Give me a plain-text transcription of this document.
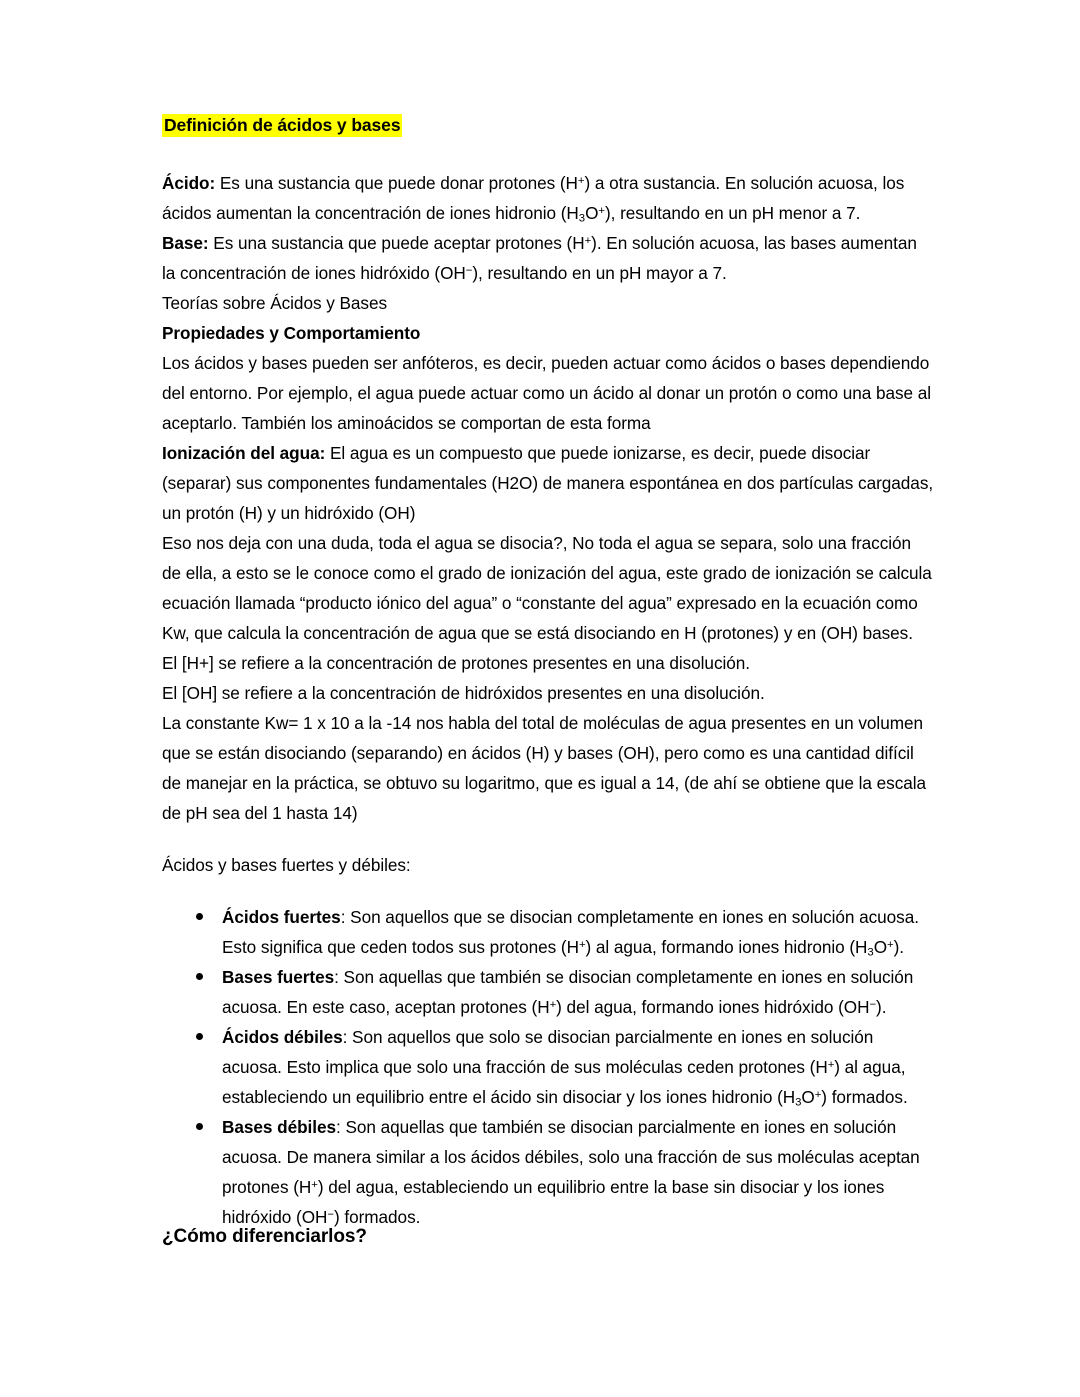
Definición de ácidos y bases

Ácido: Es una sustancia que puede donar protones (H+) a otra sustancia. En solución acuosa, los ácidos aumentan la concentración de iones hidronio $(H_3O^+)$, resultando en un pH menor a 7.

Base: Es una sustancia que puede aceptar protones (H+). En solución acuosa, las bases aumentan la concentración de iones hidróxido (OH−), resultando en un pH mayor a 7.

Teorías sobre Ácidos y Bases

Propiedades y Comportamiento

Los ácidos y bases pueden ser anfóteros, es decir, pueden actuar como ácidos o bases dependiendo del entorno. Por ejemplo, el agua puede actuar como un ácido al donar un protón o como una base al aceptarlo. También los aminoácidos se comportan de esta forma

Ionización del agua: El agua es un compuesto que puede ionizarse, es decir, puede disociar (separar) sus componentes fundamentales (H2O) de manera espontánea en dos partículas cargadas, un protón (H) y un hidróxido (OH)

Eso nos deja con una duda, toda el agua se disocia?, No toda el agua se separa, solo una fracción de ella, a esto se le conoce como el grado de ionización del agua, este grado de ionización se calcula ecuación llamada “producto iónico del agua” o “constante del agua” expresado en la ecuación como Kw, que calcula la concentración de agua que se está disociando en H (protones) y en (OH) bases.

El [H+] se refiere a la concentración de protones presentes en una disolución.

El [OH] se refiere a la concentración de hidróxidos presentes en una disolución.

La constante Kw= 1 x 10 a la -14 nos habla del total de moléculas de agua presentes en un volumen que se están disociando (separando) en ácidos (H) y bases (OH), pero como es una cantidad difícil de manejar en la práctica, se obtuvo su logaritmo, que es igual a 14, (de ahí se obtiene que la escala de pH sea del 1 hasta 14)

Ácidos y bases fuertes y débiles:

Ácidos fuertes: Son aquellos que se disocian completamente en iones en solución acuosa. Esto significa que ceden todos sus protones (H+) al agua, formando iones hidronio $(H_3O^+)$.
Bases fuertes: Son aquellas que también se disocian completamente en iones en solución acuosa. En este caso, aceptan protones (H+) del agua, formando iones hidróxido (OH−).
Ácidos débiles: Son aquellos que solo se disocian parcialmente en iones en solución acuosa. Esto implica que solo una fracción de sus moléculas ceden protones (H+) al agua, estableciendo un equilibrio entre el ácido sin disociar y los iones hidronio $(H_3O^+)$ formados.
Bases débiles: Son aquellas que también se disocian parcialmente en iones en solución acuosa. De manera similar a los ácidos débiles, solo una fracción de sus moléculas aceptan protones (H+) del agua, estableciendo un equilibrio entre la base sin disociar y los iones hidróxido (OH−) formados.

¿Cómo diferenciarlos?
